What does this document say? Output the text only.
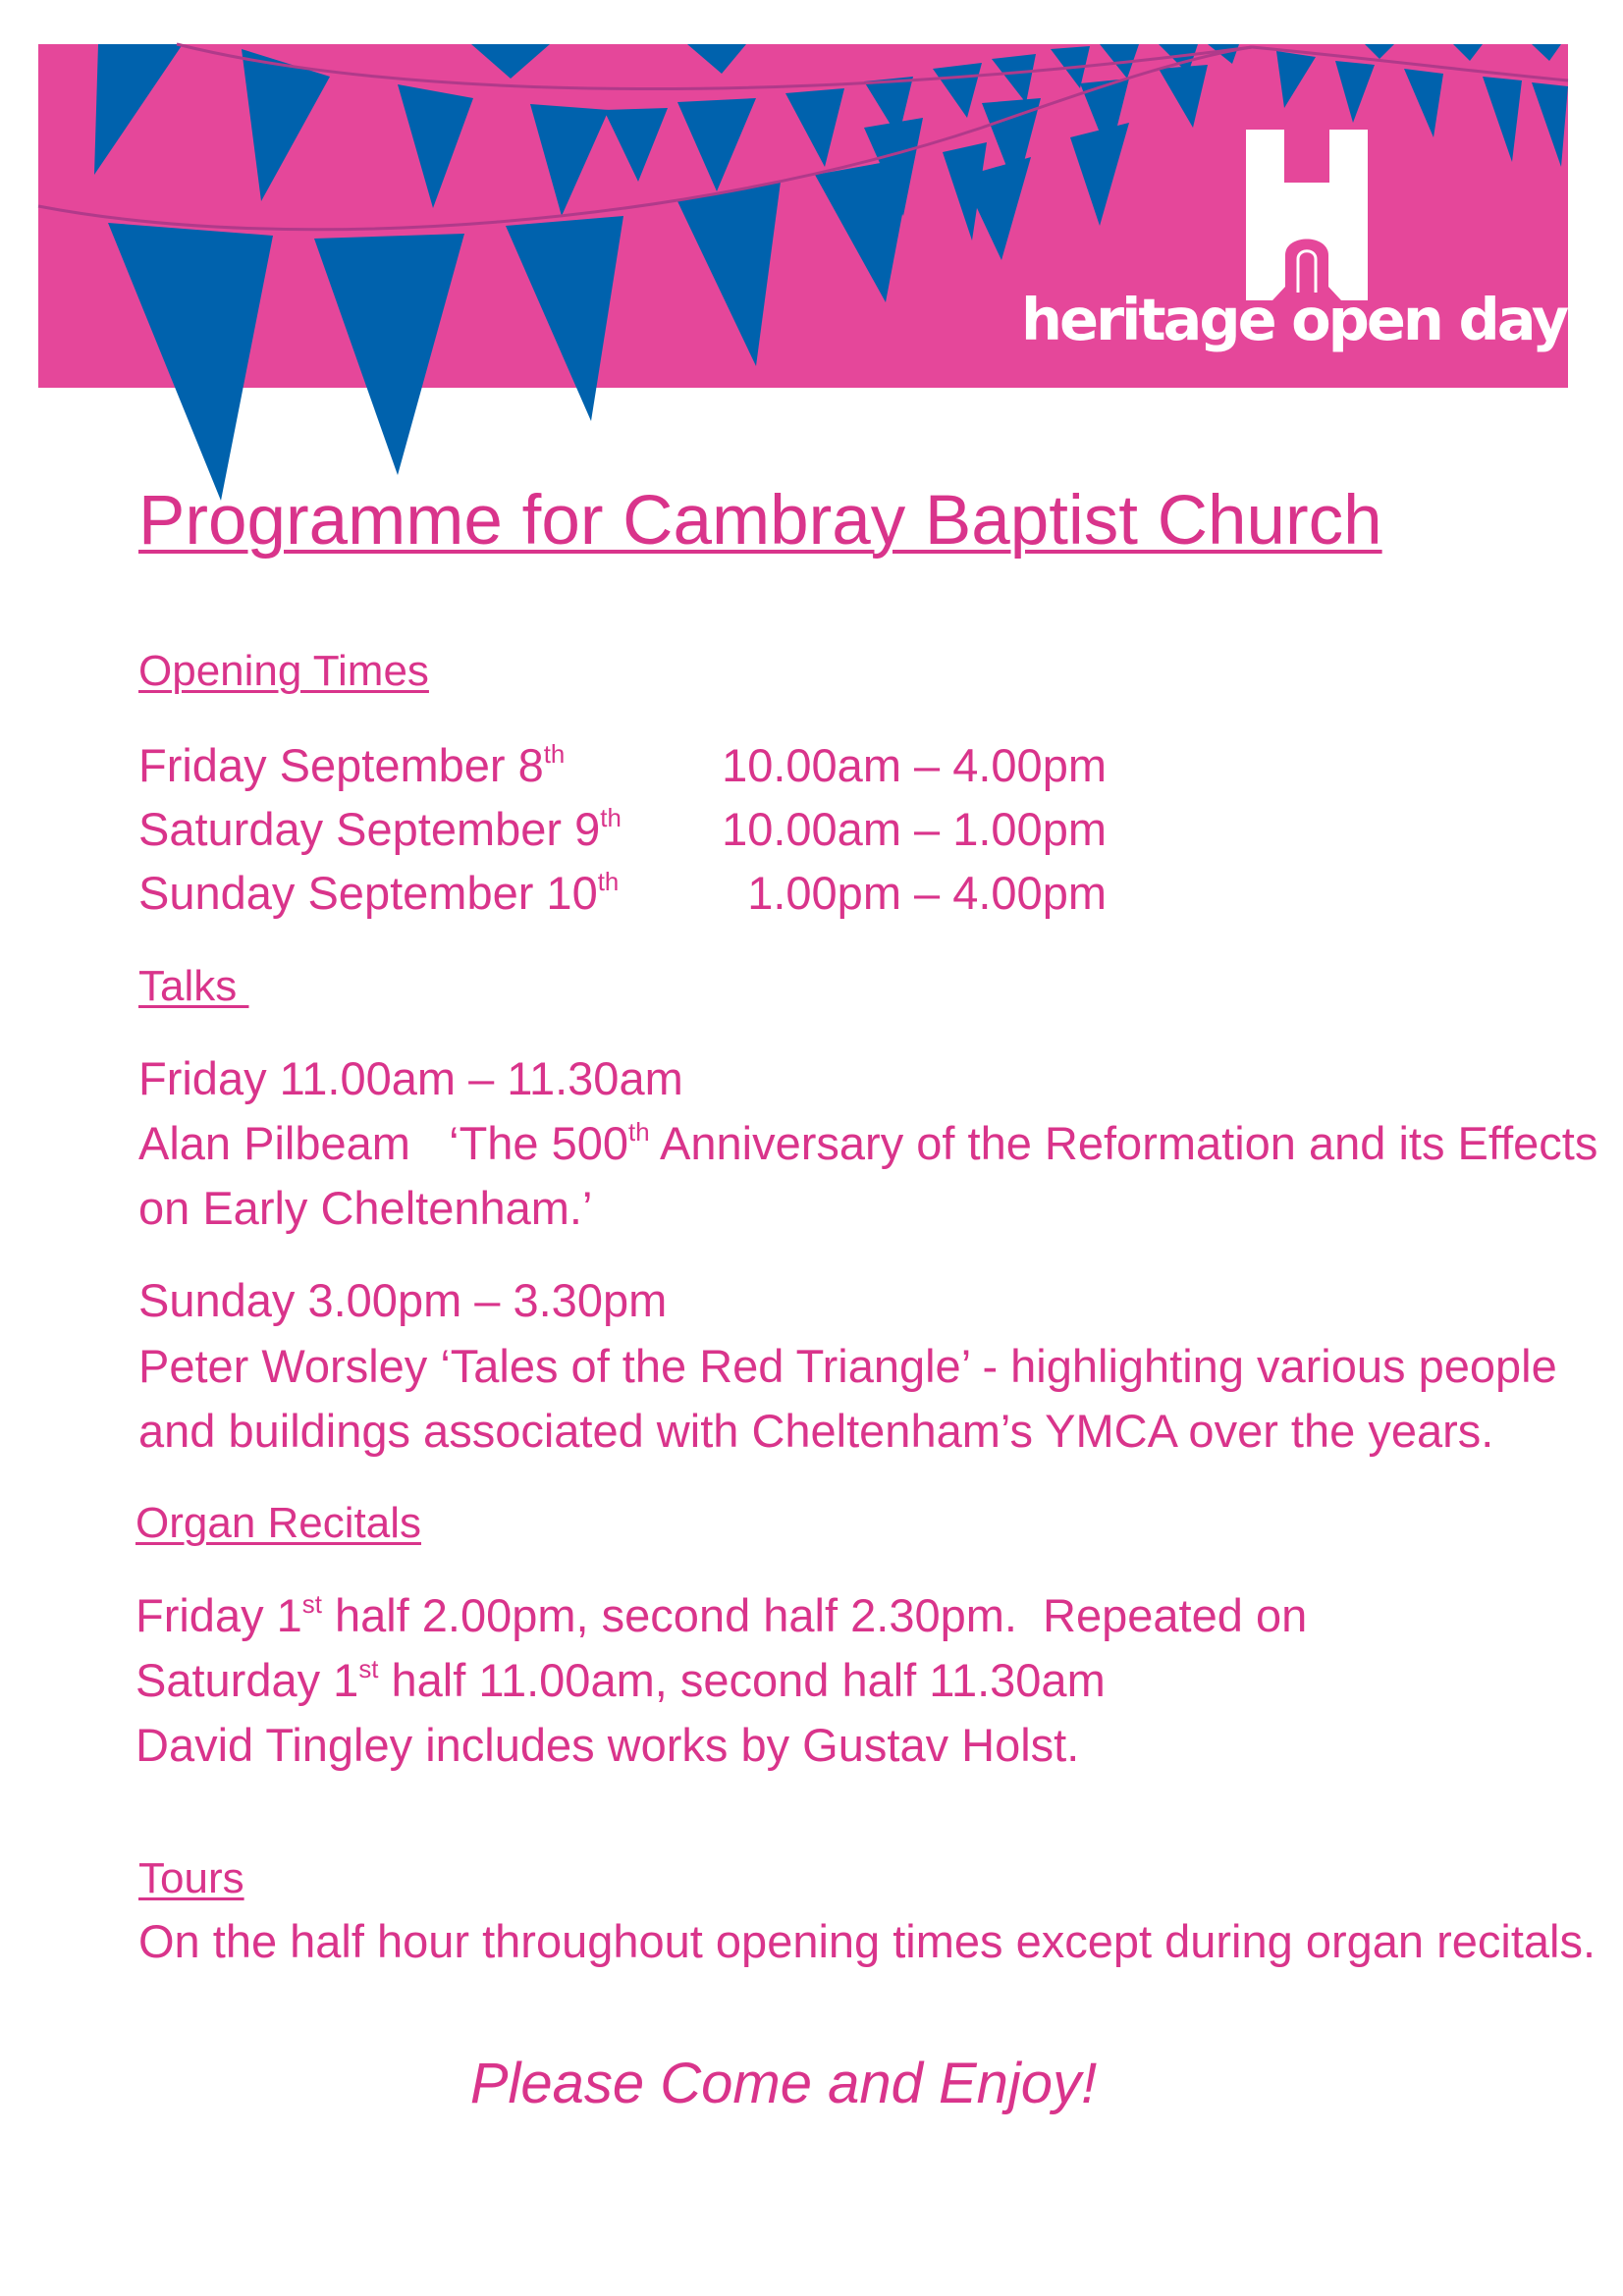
heritage open days
Programme for Cambray Baptist Church
Opening Times
Friday September 8th	10.00am – 4.00pm
Saturday September 9th 10.00am – 1.00pm
Sunday September 10th	1.00pm – 4.00pm
Talks
Friday 11.00am – 11.30am
Alan Pilbeam ‘The 500th Anniversary of the Reformation and its Effects
on Early Cheltenham.’
Sunday 3.00pm – 3.30pm
Peter Worsley ‘Tales of the Red Triangle’ - highlighting various people
and buildings associated with Cheltenham’s YMCA over the years.
Organ Recitals
Friday 1st half 2.00pm, second half 2.30pm.  Repeated on
Saturday 1st half 11.00am, second half 11.30am
David Tingley includes works by Gustav Holst.
Tours
On the half hour throughout opening times except during organ recitals.
Please Come and Enjoy!
